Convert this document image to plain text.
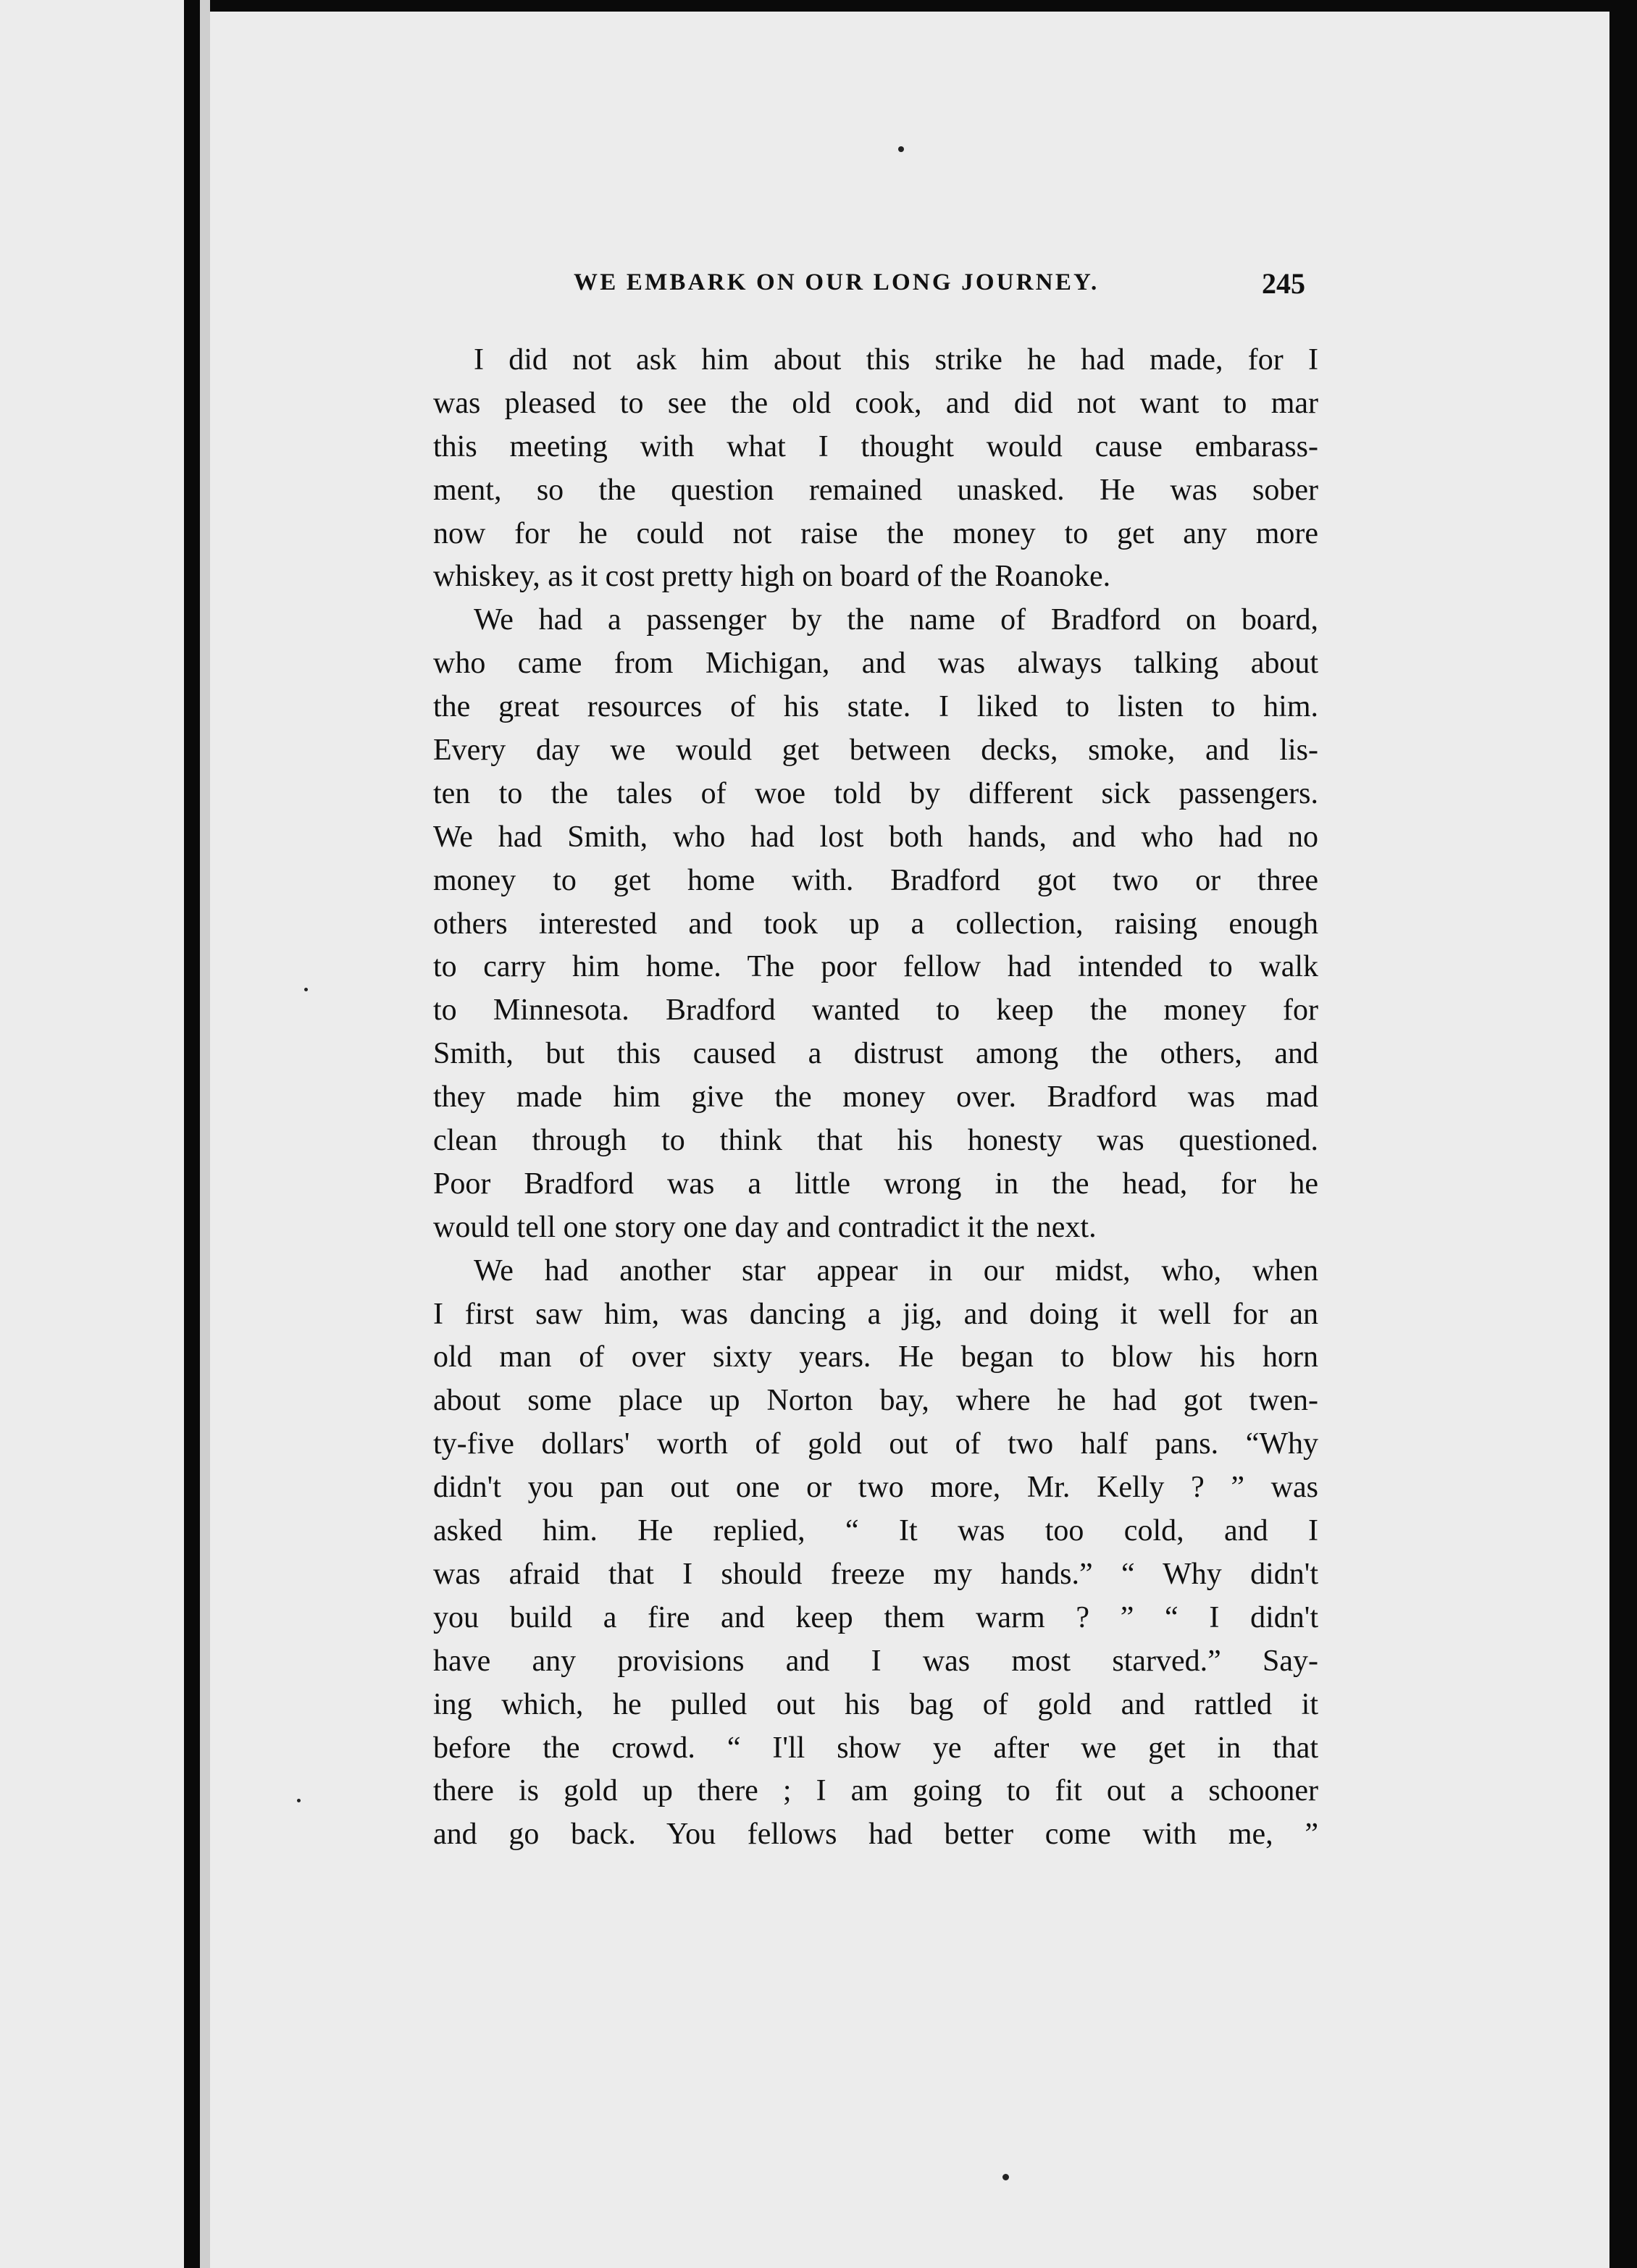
WE EMBARK ON OUR LONG JOURNEY.	245
I did not ask him about this strike he had made, for I
was pleased to see the old cook, and did not want to mar
this meeting with what I thought would cause embarass-
ment, so the question remained unasked. He was sober
now for he could not raise the money to get any more
whiskey, as it cost pretty high on board of the Roanoke.
We had a passenger by the name of Bradford on board,
who came from Michigan, and was always talking about
the great resources of his state. I liked to listen to him.
Every day we would get between decks, smoke, and lis-
ten to the tales of woe told by different sick passengers.
We had Smith, who had lost both hands, and who had no
money to get home with. Bradford got two or three
others interested and took up a collection, raising enough
to carry him home. The poor fellow had intended to walk
to Minnesota. Bradford wanted to keep the money for
Smith, but this caused a distrust among the others, and
they made him give the money over. Bradford was mad
clean through to think that his honesty was questioned.
Poor Bradford was a little wrong in the head, for he
would tell one story one day and contradict it the next.
We had another star appear in our midst, who, when
I first saw him, was dancing a jig, and doing it well for an
old man of over sixty years. He began to blow his horn
about some place up Norton bay, where he had got twen-
ty-five dollars' worth of gold out of two half pans. “Why
didn't you pan out one or two more, Mr. Kelly ? ” was
asked him. He replied, “ It was too cold, and I
was afraid that I should freeze my hands.” “ Why didn't
you build a fire and keep them warm ? ” “ I didn't
have any provisions and I was most starved.” Say-
ing which, he pulled out his bag of gold and rattled it
before the crowd. “ I'll show ye after we get in that
there is gold up there ; I am going to fit out a schooner
and go back. You fellows had better come with me, ”
